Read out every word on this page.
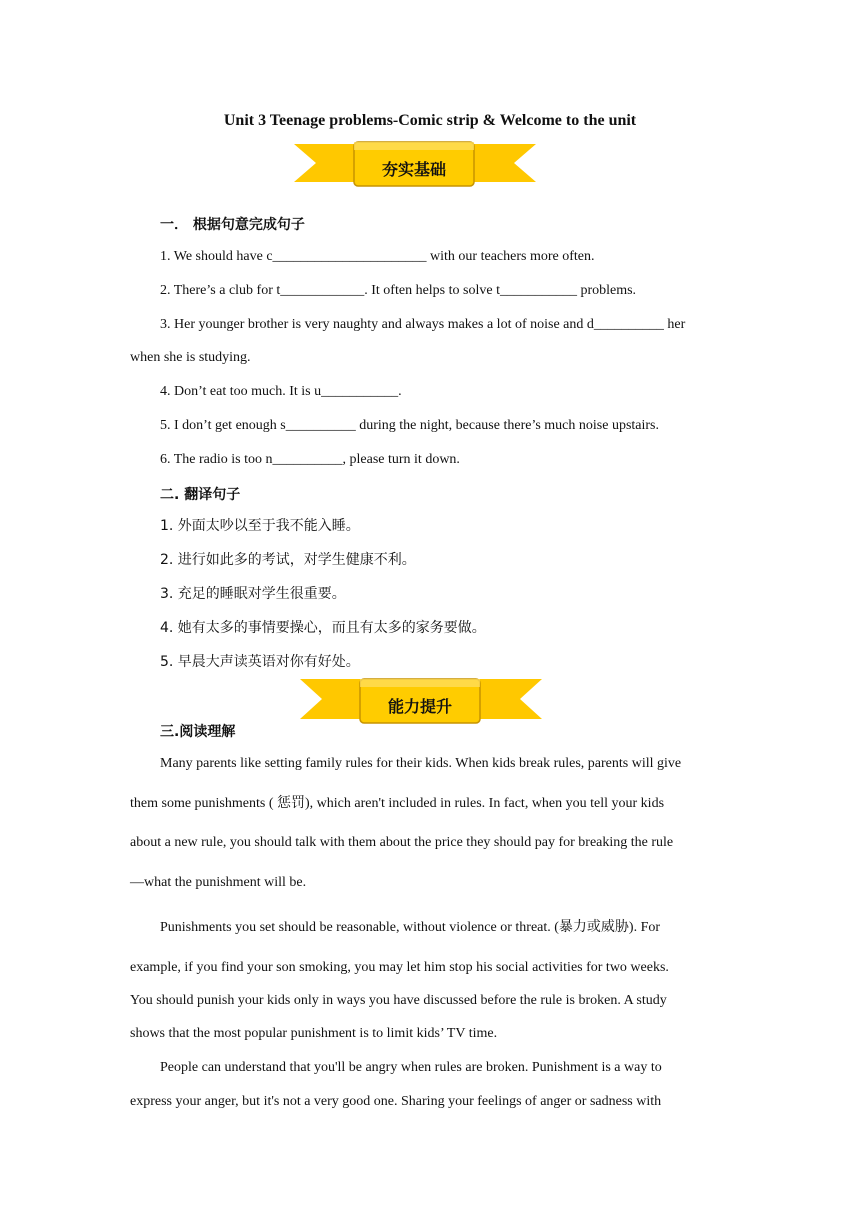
Unit 3 Teenage problems-Comic strip & Welcome to the unit
夯实基础
一． 根据句意完成句子
1. We should have c______________________ with our teachers more often.
2. There’s a club for t____________. It often helps to solve t___________ problems.
3. Her younger brother is very naughty and always makes a lot of noise and d__________ her
when she is studying.
4. Don’t eat too much. It is u___________.
5. I don’t get enough s__________ during the night, because there’s much noise upstairs.
6. The radio is too n__________, please turn it down.
二. 翻译句子
1. 外面太吵以至于我不能入睡。
2. 进行如此多的考试，对学生健康不利。
3. 充足的睡眠对学生很重要。
4. 她有太多的事情要操心，而且有太多的家务要做。
5. 早晨大声读英语对你有好处。
能力提升
三.阅读理解
Many parents like setting family rules for their kids. When kids break rules, parents will give
them some punishments ( 惩罚), which aren't included in rules. In fact, when you tell your kids
about a new rule, you should talk with them about the price they should pay for breaking the rule
—what the punishment will be.
Punishments you set should be reasonable, without violence or threat. (暴力或威胁). For
example, if you find your son smoking, you may let him stop his social activities for two weeks.
You should punish your kids only in ways you have discussed before the rule is broken. A study
shows that the most popular punishment is to limit kids’ TV time.
People can understand that you'll be angry when rules are broken. Punishment is a way to
express your anger, but it's not a very good one. Sharing your feelings of anger or sadness with
